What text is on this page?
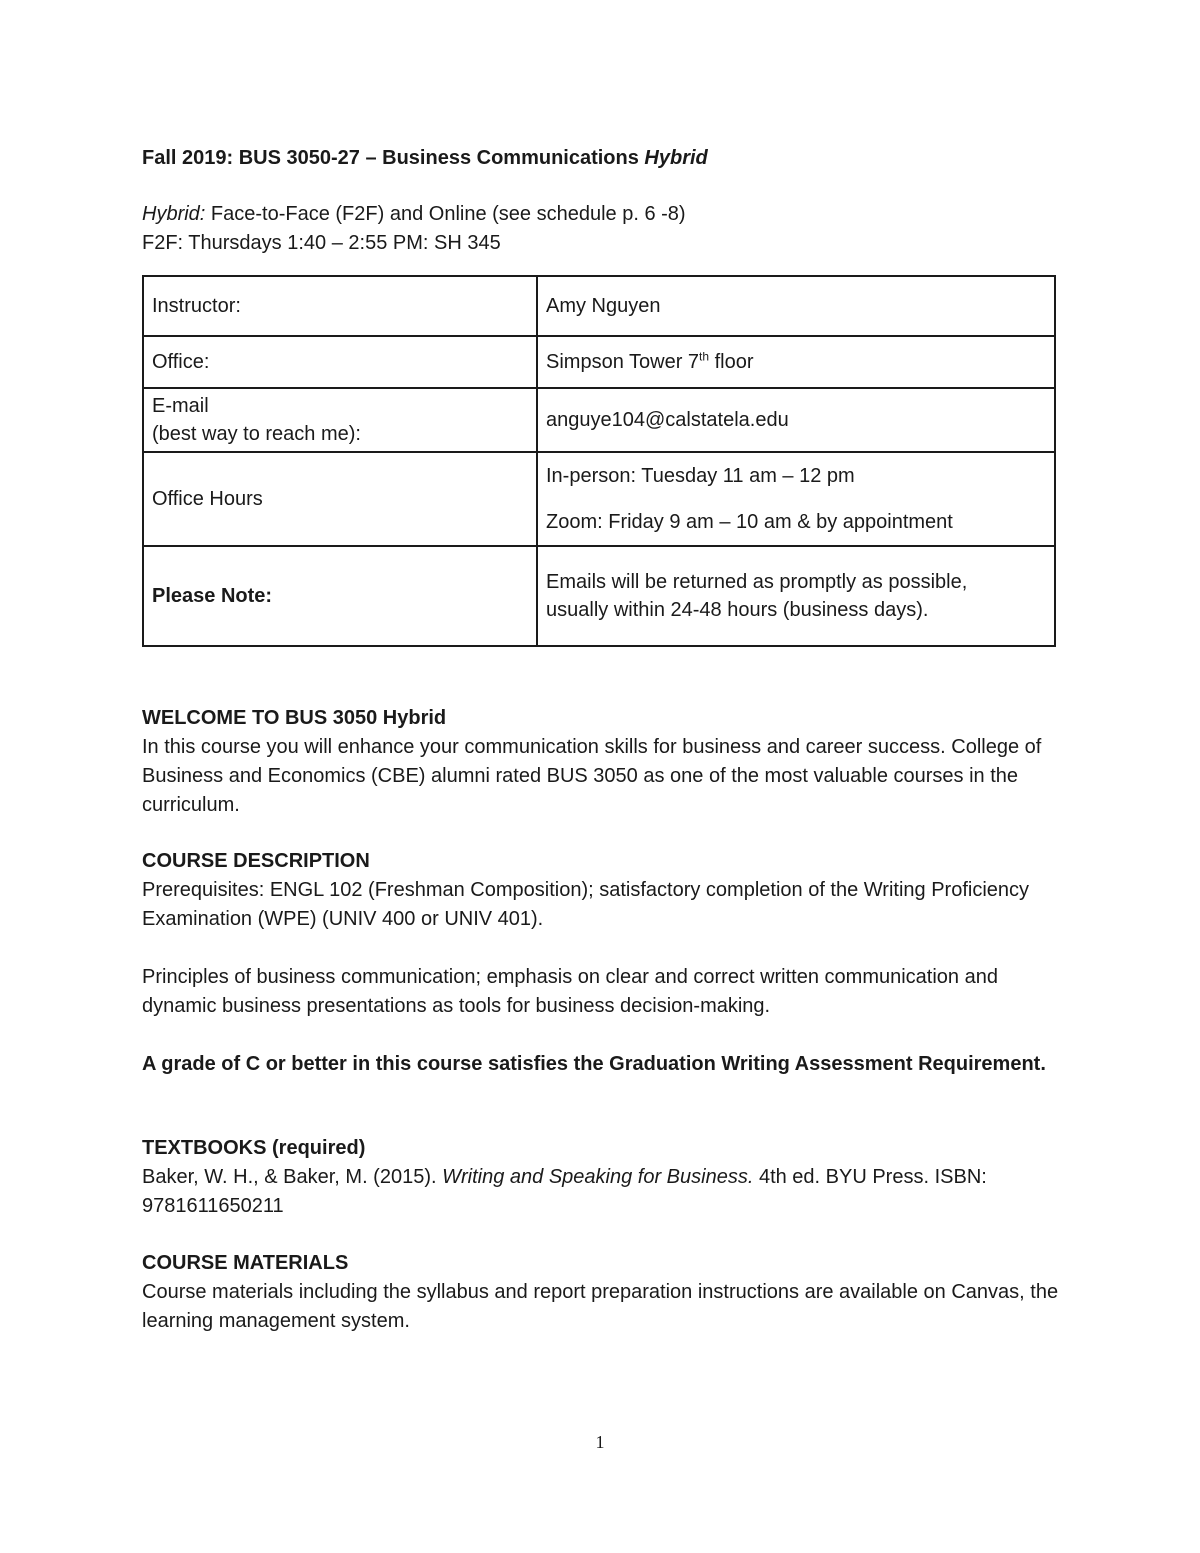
Fall 2019: BUS 3050-27 – Business Communications Hybrid
Hybrid: Face-to-Face (F2F) and Online (see schedule p. 6 -8)
F2F: Thursdays 1:40 – 2:55 PM: SH 345
Instructor:	Amy Nguyen
Office:	Simpson Tower 7th floor

E-mail
(best way to reach me):	anguye104@calstatela.edu
Office Hours	In-person: Tuesday 11 am – 12 pm
Zoom: Friday 9 am – 10 am & by appointment

Please Note:	Emails will be returned as promptly as possible,
usually within 24-48 hours (business days).
WELCOME TO BUS 3050 Hybrid

In this course you will enhance your communication skills for business and career success. College of Business and Economics (CBE) alumni rated BUS 3050 as one of the most valuable courses in the curriculum.

COURSE DESCRIPTION

Prerequisites: ENGL 102 (Freshman Composition); satisfactory completion of the Writing Proficiency Examination (WPE) (UNIV 400 or UNIV 401).

Principles of business communication; emphasis on clear and correct written communication and dynamic business presentations as tools for business decision-making.

A grade of C or better in this course satisfies the Graduation Writing Assessment Requirement.

TEXTBOOKS (required)

Baker, W. H., & Baker, M. (2015). Writing and Speaking for Business. 4th ed. BYU Press. ISBN: 9781611650211

COURSE MATERIALS

Course materials including the syllabus and report preparation instructions are available on Canvas, the learning management system.

1
